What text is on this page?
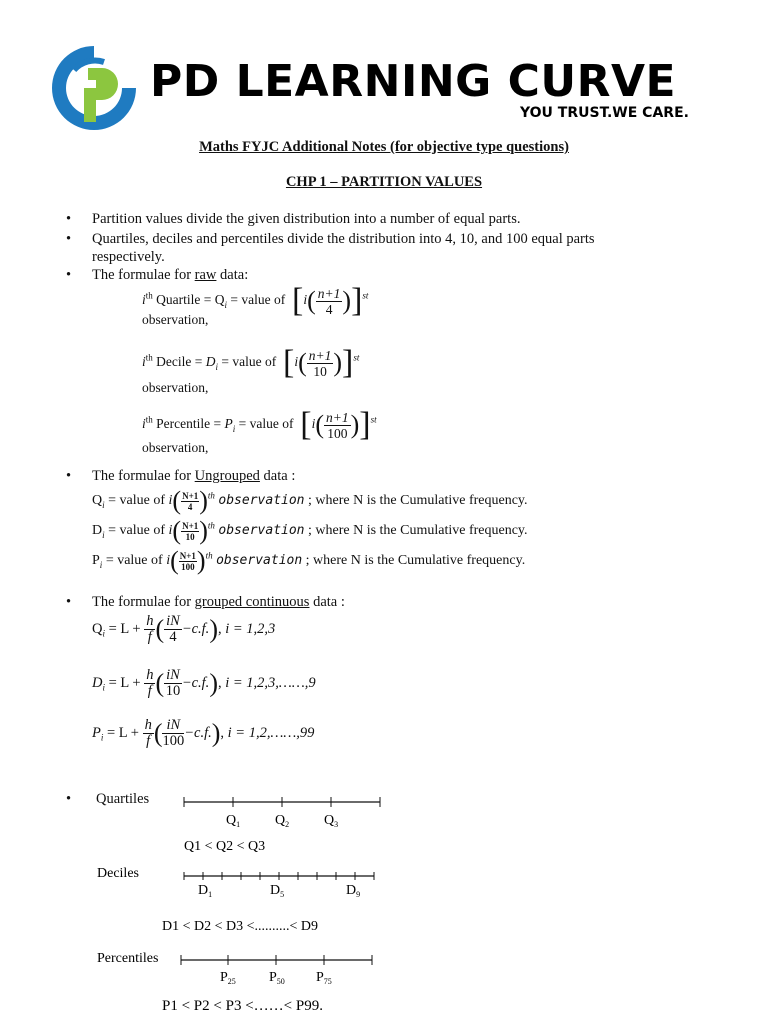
PD LEARNING CURVE
YOU TRUST.WE CARE.
Maths FYJC Additional Notes (for objective type questions)
CHP 1 – PARTITION VALUES
• Partition values divide the given distribution into a number of equal parts.
• Quartiles, deciles and percentiles divide the distribution into 4, 10, and 100 equal parts
respectively.
• The formulae for raw data:
$i^{th}$ Quartile = $Q_i$ = value of $[i( \frac{n+1}{4} )]^{st}$
observation,
$i^{th}$ Decile = $D_i$ = value of $[i( \frac{n+1}{10} )]^{st}$
observation,
$i^{th}$ Percentile = $P_i$ = value of $[i( \frac{n+1}{100} )]^{st}$
observation,
• The formulae for Ungrouped data :
$Q_i$ = value of $i( \frac{N+1}{4} )^{th}$ observation ; where N is the Cumulative frequency.
$D_i$ = value of $i( \frac{N+1}{10} )^{th}$ observation ; where N is the Cumulative frequency.
$P_i$ = value of $i( \frac{N+1}{100} )^{th}$ observation ; where N is the Cumulative frequency.
• The formulae for grouped continuous data :
$Q_i = L + \frac{h}{f}$ ( $\frac{iN}{4} -c.f$.), i = 1,2,3
$D_i = L + \frac{h}{f}$ ( $\frac{iN}{10} -c.f$.), i = 1,2,3,……,9
$P_i = L + \frac{h}{f}$ ( $\frac{iN}{100} -c.f$.), i = 1,2,……,99
• Quartiles
$Q_1$ $Q_2$ $Q_3$
Q1 < Q2 < Q3
Deciles
$D_1$	$D_5$	$D_9$
D1 < D2 < D3 <..........< D9
Percentiles
$P_{25}$ $P_{50}$ $P_{75}$
P1 < P2 < P3 <……< P99.
